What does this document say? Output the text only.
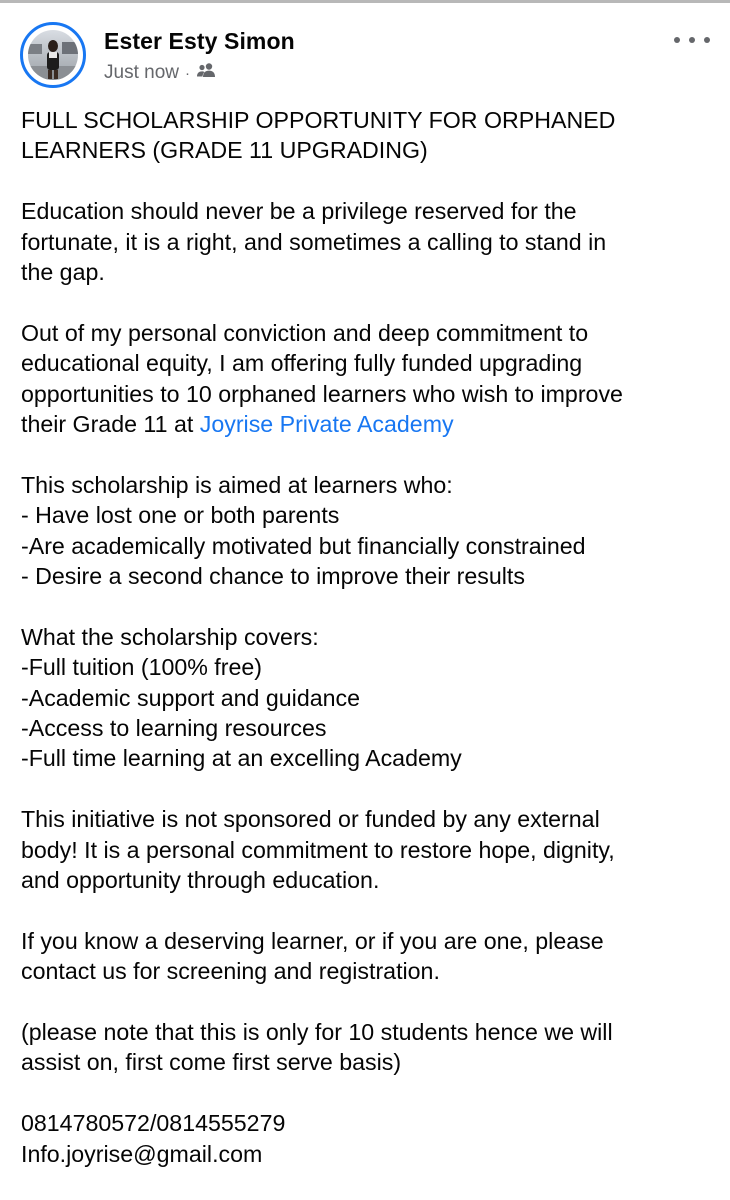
Ester Esty Simon
Just now ·

FULL SCHOLARSHIP OPPORTUNITY FOR ORPHANED
LEARNERS (GRADE 11 UPGRADING)

Education should never be a privilege reserved for the
fortunate, it is a right, and sometimes a calling to stand in
the gap.

Out of my personal conviction and deep commitment to
educational equity, I am offering fully funded upgrading
opportunities to 10 orphaned learners who wish to improve
their Grade 11 at Joyrise Private Academy

This scholarship is aimed at learners who:
- Have lost one or both parents
-Are academically motivated but financially constrained
- Desire a second chance to improve their results

What the scholarship covers:
-Full tuition (100% free)
-Academic support and guidance
-Access to learning resources
-Full time learning at an excelling Academy

This initiative is not sponsored or funded by any external
body! It is a personal commitment to restore hope, dignity,
and opportunity through education.

If you know a deserving learner, or if you are one, please
contact us for screening and registration.

(please note that this is only for 10 students hence we will
assist on, first come first serve basis)

0814780572/0814555279
Info.joyrise@gmail.com
